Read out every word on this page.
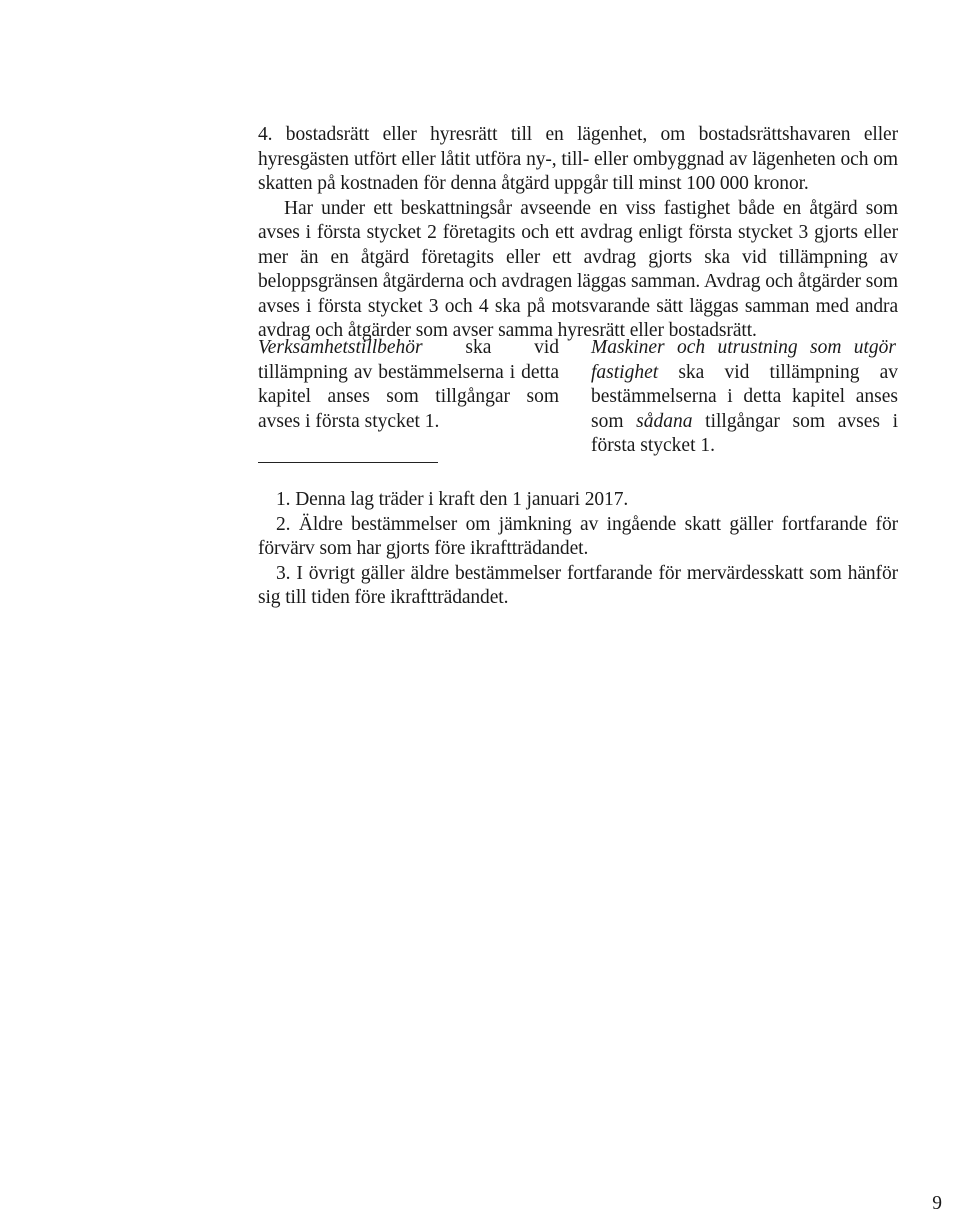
4. bostadsrätt eller hyresrätt till en lägenhet, om bostadsrättshavaren eller hyresgästen utfört eller låtit utföra ny-, till- eller ombyggnad av lägenheten och om skatten på kostnaden för denna åtgärd uppgår till minst 100 000 kronor.

Har under ett beskattningsår avseende en viss fastighet både en åtgärd som avses i första stycket 2 företagits och ett avdrag enligt första stycket 3 gjorts eller mer än en åtgärd företagits eller ett avdrag gjorts ska vid tillämpning av beloppsgränsen åtgärderna och avdragen läggas samman. Avdrag och åtgärder som avses i första stycket 3 och 4 ska på motsvarande sätt läggas samman med andra avdrag och åtgärder som avser samma hyresrätt eller bostadsrätt.

Verksamhetstillbehör ska vid

tillämpning av bestämmelserna i detta kapitel anses som tillgångar som avses i första stycket 1.

Maskiner och utrustning som utgör

fastighet ska vid tillämpning av bestämmelserna i detta kapitel anses som sådana tillgångar som avses i första stycket 1.

1. Denna lag träder i kraft den 1 januari 2017.

2. Äldre bestämmelser om jämkning av ingående skatt gäller fortfarande för förvärv som har gjorts före ikraftträdandet.

3. I övrigt gäller äldre bestämmelser fortfarande för mervärdesskatt som hänför sig till tiden före ikraftträdandet.

9
